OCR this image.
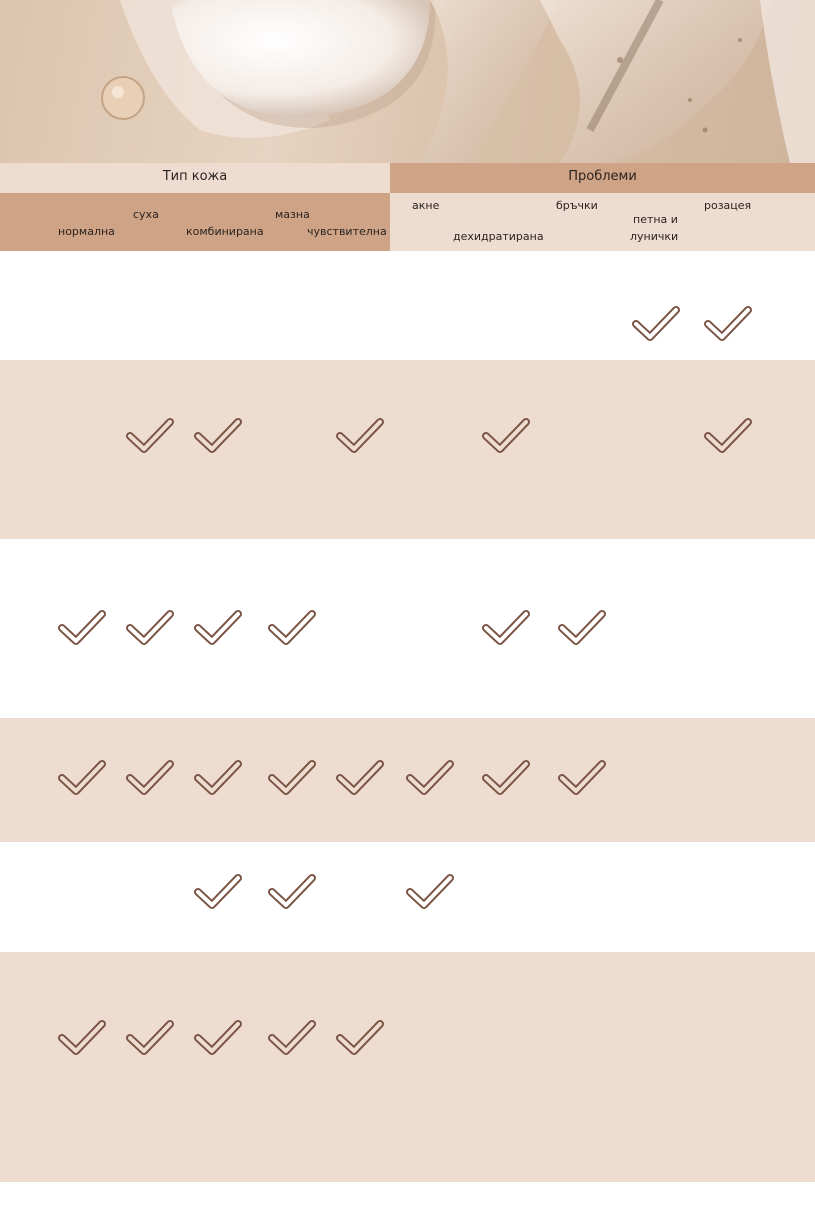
Тип кожа	Проблеми
нормална
суха
комбинирана
мазна
чувствителна
акне
дехидратирана
бръчки
петна и
лунички
розацея
